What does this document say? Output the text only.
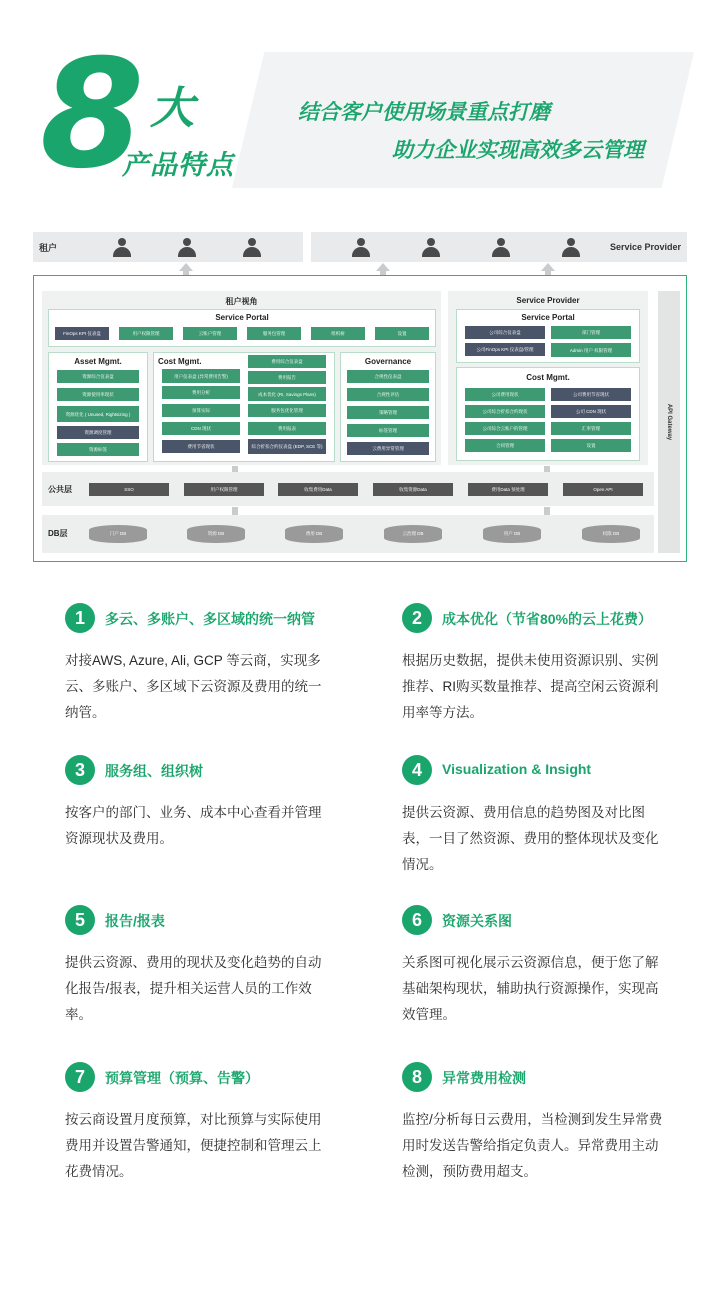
8 大
产品特点
结合客户使用场景重点打磨
助力企业实现高效多云管理
租户	Service Provider
租户视角
Service Portal
FinOps KPI 仪表盘	用户权限管理	云账户管理	服务包管理	组织树	设置
Asset Mgmt.
资源综合仪表盘
资源使用率现状
资源优化 ( Unused, Rightsizing )
资源调度管理
资源标签
Cost Mgmt.
用户仪表盘 (异常费用告警)
费用分析
预算实际
CDN 现状
费用节省现状
费用综合仪表盘
费用报告
成本优化 (RI, Savings Plans)
服务包优化管理
费用报表
综合折扣合约仪表盘 (EDP, SCE 等)
Governance
合规性仪表盘
合规性评估
策略管理
标签管理
云费用异常管理
Service Provider
Service Portal
公司综合仪表盘	部门管理
公司FinOps KPI 仪表盘/管理	Admin 用户 权限管理
Cost Mgmt.
公司费用现状	公司费用节省现状
公司综合折扣合约现状	公司 CDN 现状
公司综合云账户的管理	汇率管理
合同管理	设置
API Gateway
公共层	SSO	用户权限管理	收集费用Data	收集资源Data	费用Data 预处理	Open API
DB层	门户 DB	资源 DB	费用 DB	云治理 DB	用户 DB	权限 DB
1	多云、多账户、多区域的统一纳管
对接AWS, Azure, Ali, GCP 等云商，实现多云、多账户、多区域下云资源及费用的统一纳管。
2	成本优化（节省80%的云上花费）
根据历史数据，提供未使用资源识别、实例推荐、RI购买数量推荐、提高空闲云资源利用率等方法。
3	服务组、组织树
按客户的部门、业务、成本中心查看并管理资源现状及费用。
4	Visualization & Insight
提供云资源、费用信息的趋势图及对比图表，一目了然资源、费用的整体现状及变化情况。
5	报告/报表
提供云资源、费用的现状及变化趋势的自动化报告/报表，提升相关运营人员的工作效率。
6	资源关系图
关系图可视化展示云资源信息，便于您了解基础架构现状，辅助执行资源操作，实现高效管理。
7	预算管理（预算、告警）
按云商设置月度预算，对比预算与实际使用费用并设置告警通知，便捷控制和管理云上花费情况。
8	异常费用检测
监控/分析每日云费用，当检测到发生异常费用时发送告警给指定负责人。异常费用主动检测，预防费用超支。
